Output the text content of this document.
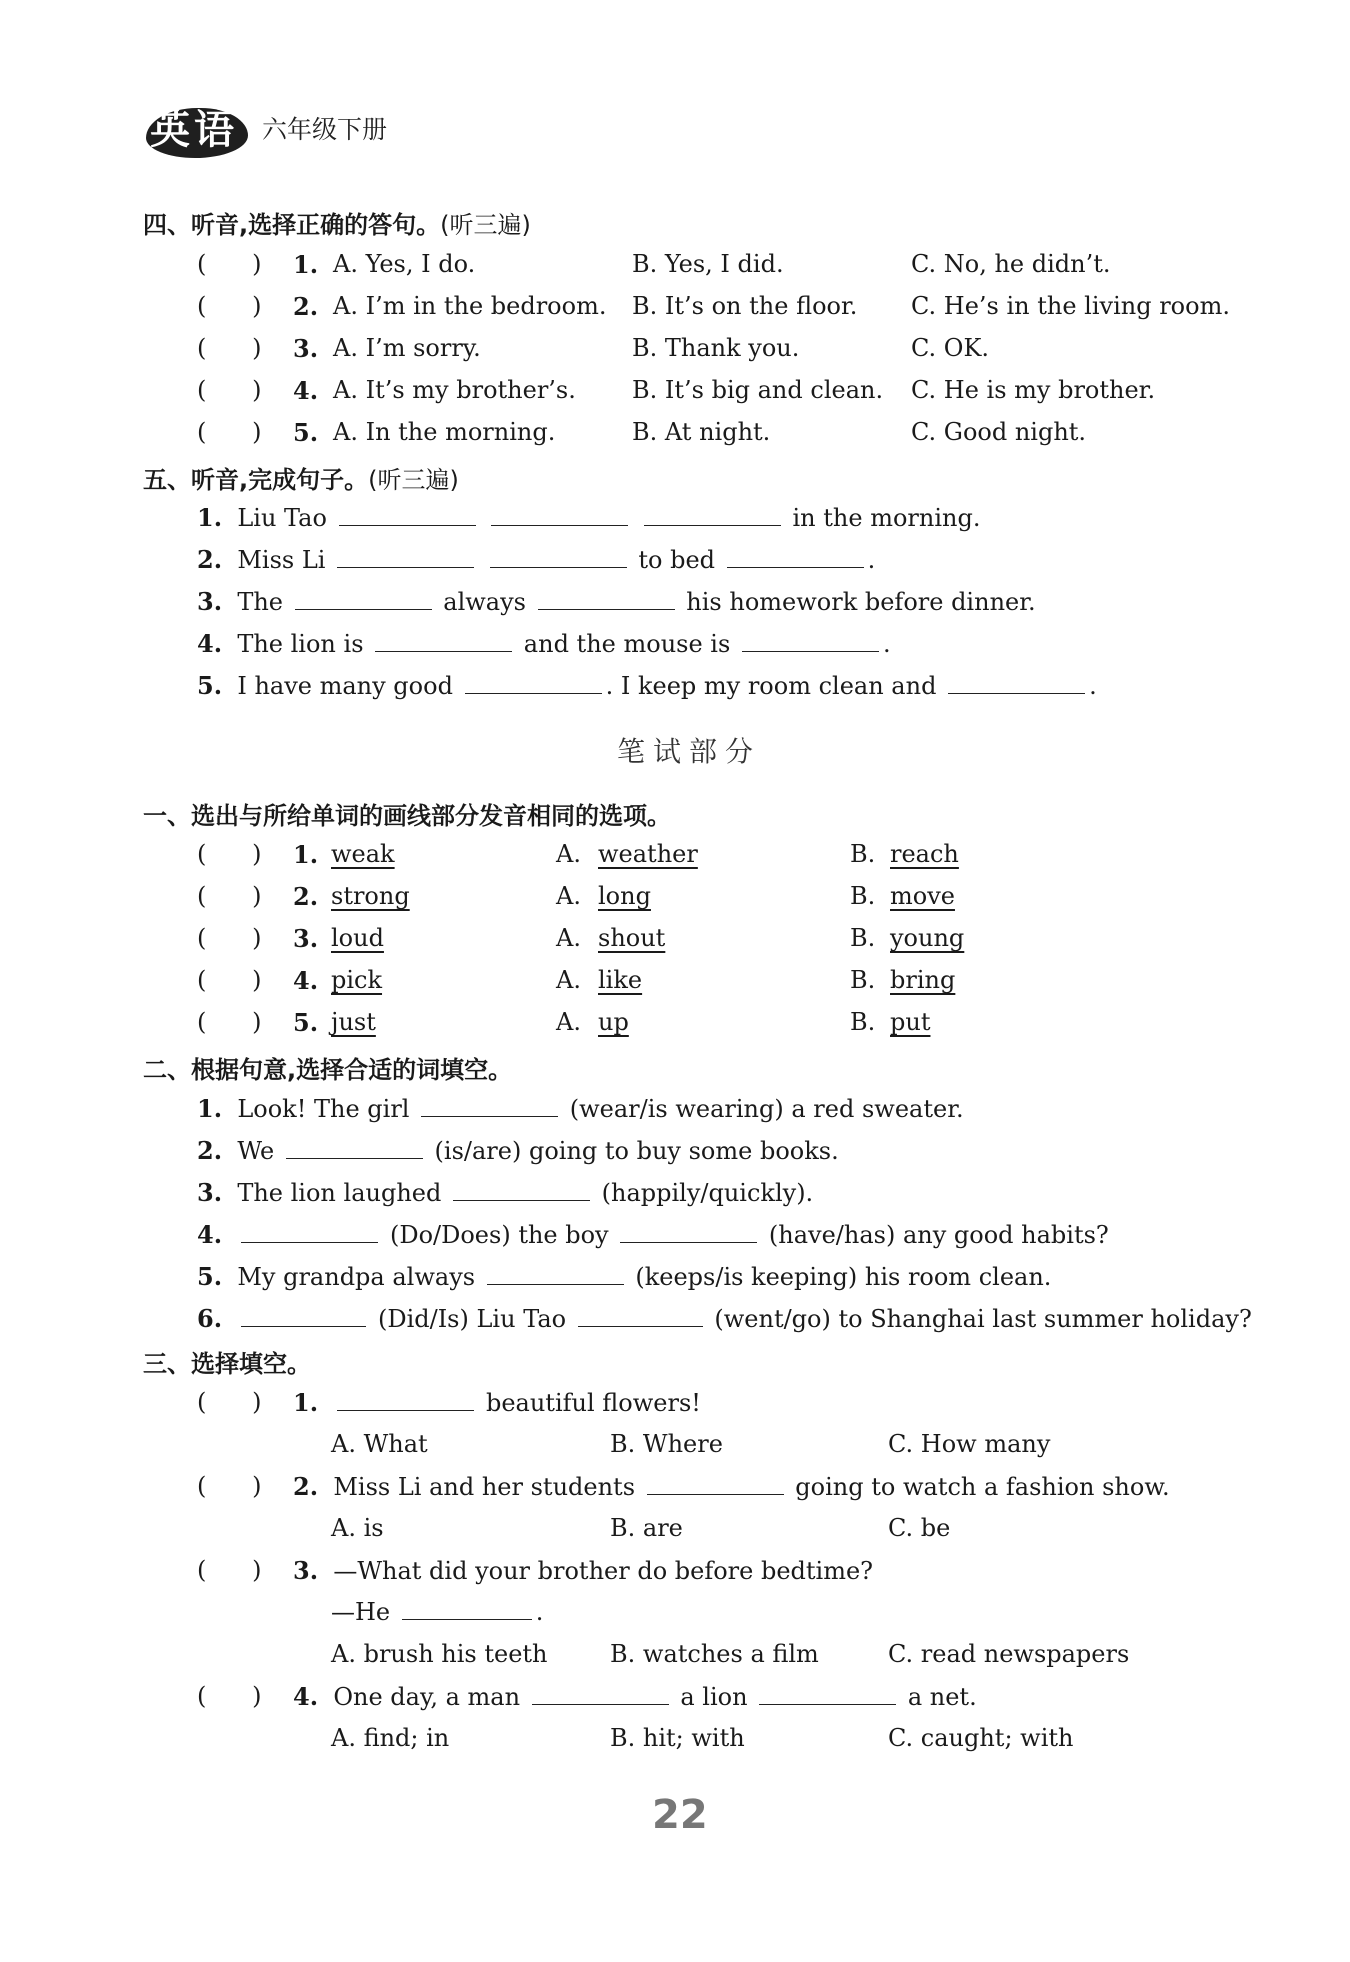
英语 六年级下册
四、听音,选择正确的答句。(听三遍)
(      ) 1. A. Yes, I do.	B. Yes, I did.	C. No, he didn’t.
(      ) 2. A. I’m in the bedroom. B. It’s on the floor. C. He’s in the living room.
(      ) 3. A. I’m sorry.	B. Thank you.	C. OK.
(      ) 4. A. It’s my brother’s. B. It’s big and clean. C. He is my brother.
(      ) 5. A. In the morning.	B. At night.	C. Good night.
五、听音,完成句子。(听三遍)
1. Liu Tao	in the morning.
2. Miss Li	to bed	.
3. The	always	his homework before dinner.
4. The lion is	and the mouse is	.
5. I have many good	. I keep my room clean and	.
笔试部分
一、选出与所给单词的画线部分发音相同的选项。
(      ) 1. weak	A. weather	B. reach
(      ) 2. strong	A. long	B. move
(      ) 3. loud	A. shout	B. young
(      ) 4. pick	A. like	B. bring
(      ) 5. just	A. up	B. put
二、根据句意,选择合适的词填空。
1. Look! The girl	(wear/is wearing) a red sweater.
2. We	(is/are) going to buy some books.
3. The lion laughed	(happily/quickly).
4.	(Do/Does) the boy	(have/has) any good habits?
5. My grandpa always	(keeps/is keeping) his room clean.
6.	(Did/Is) Liu Tao	(went/go) to Shanghai last summer holiday?
三、选择填空。
(      ) 1.	beautiful flowers!
A. What	B. Where	C. How many
(      ) 2. Miss Li and her students	going to watch a fashion show.
A. is	B. are	C. be
(      ) 3. —What did your brother do before bedtime?
—He	.
A. brush his teeth	B. watches a film	C. read newspapers
(      ) 4. One day, a man	a lion	a net.
A. find; in	B. hit; with	C. caught; with
22
